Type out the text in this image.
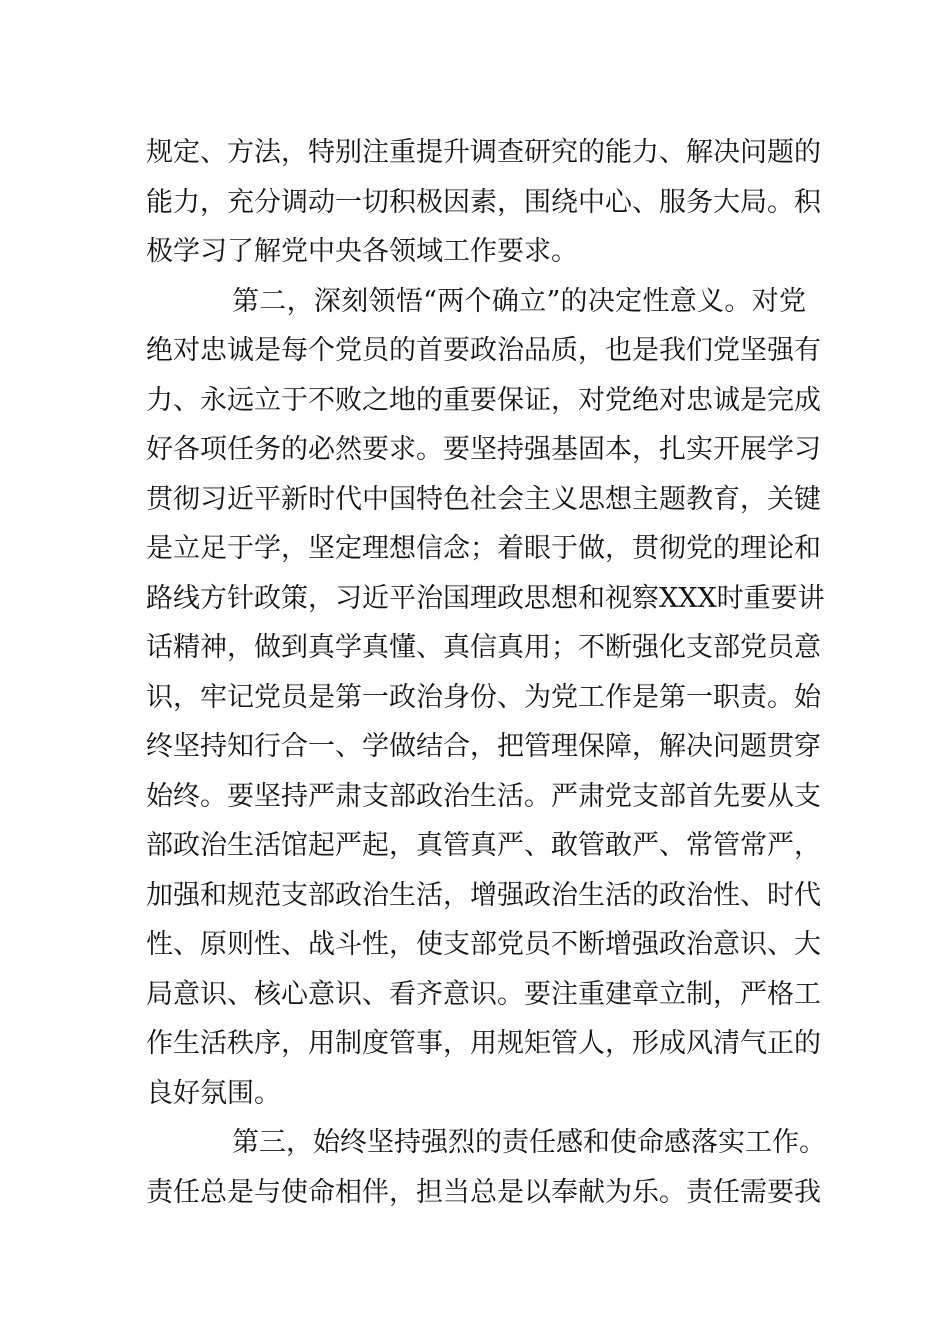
规定、方法，特别注重提升调查研究的能力、解决问题的
能力，充分调动一切积极因素，围绕中心、服务大局。积
极学习了解党中央各领域工作要求。
第二，深刻领悟“两个确立”的决定性意义。对党
绝对忠诚是每个党员的首要政治品质，也是我们党坚强有
力、永远立于不败之地的重要保证，对党绝对忠诚是完成
好各项任务的必然要求。要坚持强基固本，扎实开展学习
贯彻习近平新时代中国特色社会主义思想主题教育，关键
是立足于学，坚定理想信念；着眼于做，贯彻党的理论和
路线方针政策，习近平治国理政思想和视察XXX时重要讲
话精神，做到真学真懂、真信真用；不断强化支部党员意
识，牢记党员是第一政治身份、为党工作是第一职责。始
终坚持知行合一、学做结合，把管理保障，解决问题贯穿
始终。要坚持严肃支部政治生活。严肃党支部首先要从支
部政治生活馆起严起，真管真严、敢管敢严、常管常严，
加强和规范支部政治生活，增强政治生活的政治性、时代
性、原则性、战斗性，使支部党员不断增强政治意识、大
局意识、核心意识、看齐意识。要注重建章立制，严格工
作生活秩序，用制度管事，用规矩管人，形成风清气正的
良好氛围。
第三，始终坚持强烈的责任感和使命感落实工作。
责任总是与使命相伴，担当总是以奉献为乐。责任需要我
